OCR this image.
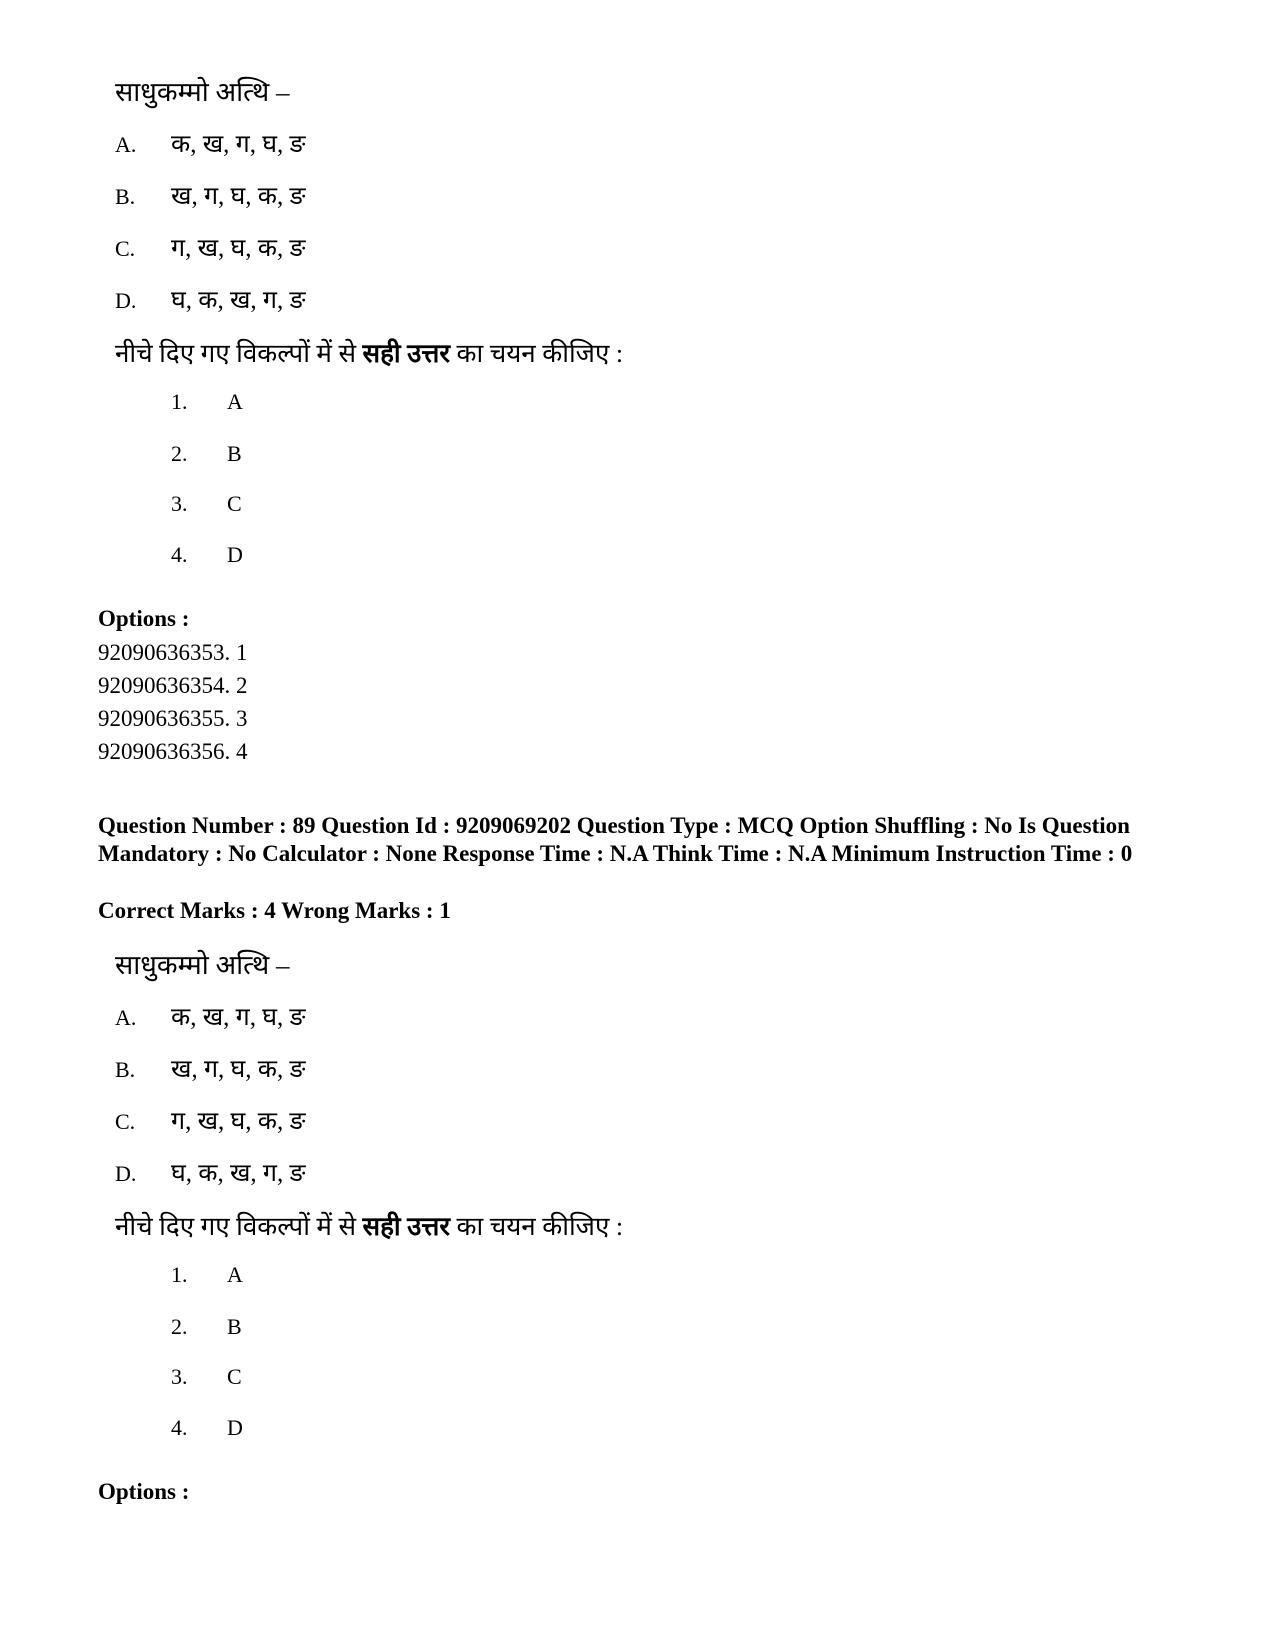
साधुकम्मो अत्थि –
A. क, ख, ग, घ, ङ
B. ख, ग, घ, क, ङ
C. ग, ख, घ, क, ङ
D. घ, क, ख, ग, ङ
नीचे दिए गए विकल्पों में से सही उत्तर का चयन कीजिए :
1. A
2. B
3. C
4. D
Options :
92090636353. 1
92090636354. 2
92090636355. 3
92090636356. 4
Question Number : 89 Question Id : 9209069202 Question Type : MCQ Option Shuffling : No Is Question Mandatory : No Calculator : None Response Time : N.A Think Time : N.A Minimum Instruction Time : 0
Correct Marks : 4 Wrong Marks : 1
साधुकम्मो अत्थि –
A. क, ख, ग, घ, ङ
B. ख, ग, घ, क, ङ
C. ग, ख, घ, क, ङ
D. घ, क, ख, ग, ङ
नीचे दिए गए विकल्पों में से सही उत्तर का चयन कीजिए :
1. A
2. B
3. C
4. D
Options :
